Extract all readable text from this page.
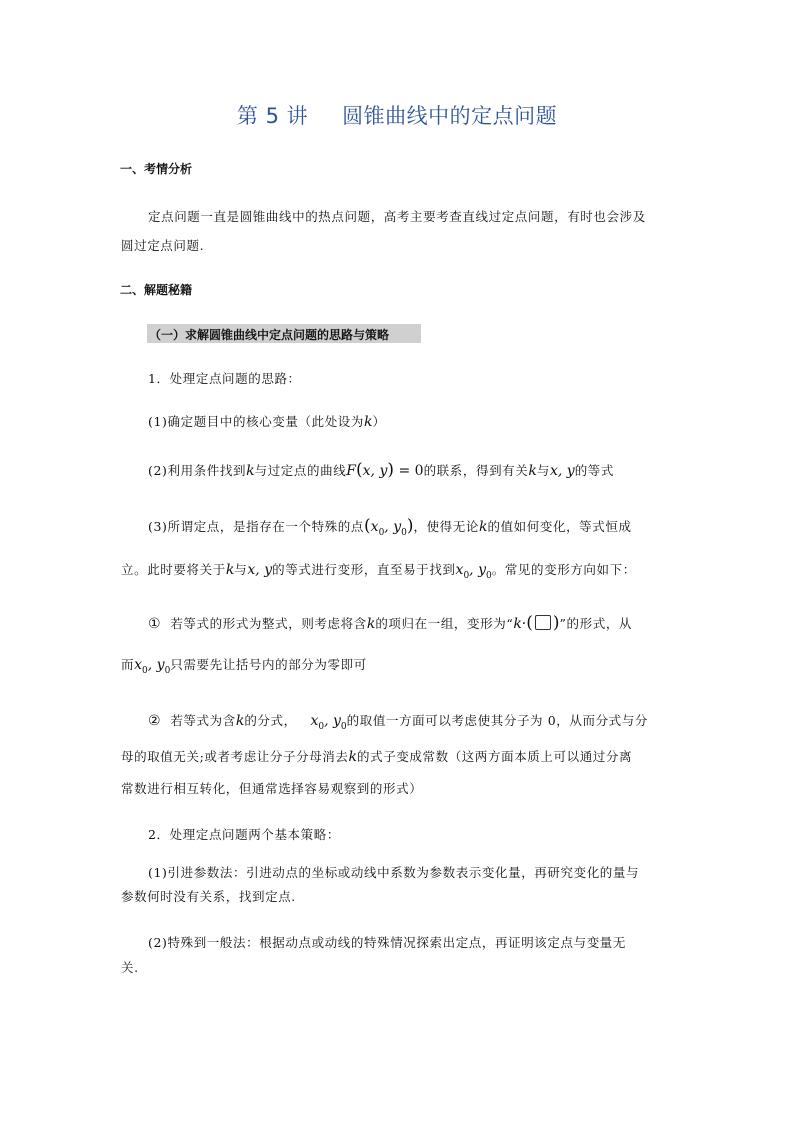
第 5 讲 圆锥曲线中的定点问题
一、考情分析
定点问题一直是圆锥曲线中的热点问题，高考主要考查直线过定点问题，有时也会涉及
圆过定点问题.
二、解题秘籍
（一）求解圆锥曲线中定点问题的思路与策略
1．处理定点问题的思路：
(1)确定题目中的核心变量（此处设为k）
(2)利用条件找到k与过定点的曲线F(x, y) = 0的联系，得到有关k与x, y的等式
(3)所谓定点，是指存在一个特殊的点($x_0$, $y_0$)，使得无论k的值如何变化，等式恒成
立。此时要将关于k与x, y的等式进行变形，直至易于找到$x_0$, $y_0$。常见的变形方向如下：
① 若等式的形式为整式，则考虑将含k的项归在一组，变形为“k·( )”的形式，从
而$x_0$, $y_0$只需要先让括号内的部分为零即可
② 若等式为含k的分式， $x_0$, $y_0$的取值一方面可以考虑使其分子为 0，从而分式与分
母的取值无关;或者考虑让分子分母消去k的式子变成常数（这两方面本质上可以通过分离
常数进行相互转化，但通常选择容易观察到的形式）
2．处理定点问题两个基本策略：
(1)引进参数法：引进动点的坐标或动线中系数为参数表示变化量，再研究变化的量与
参数何时没有关系，找到定点.
(2)特殊到一般法：根据动点或动线的特殊情况探索出定点，再证明该定点与变量无
关.
